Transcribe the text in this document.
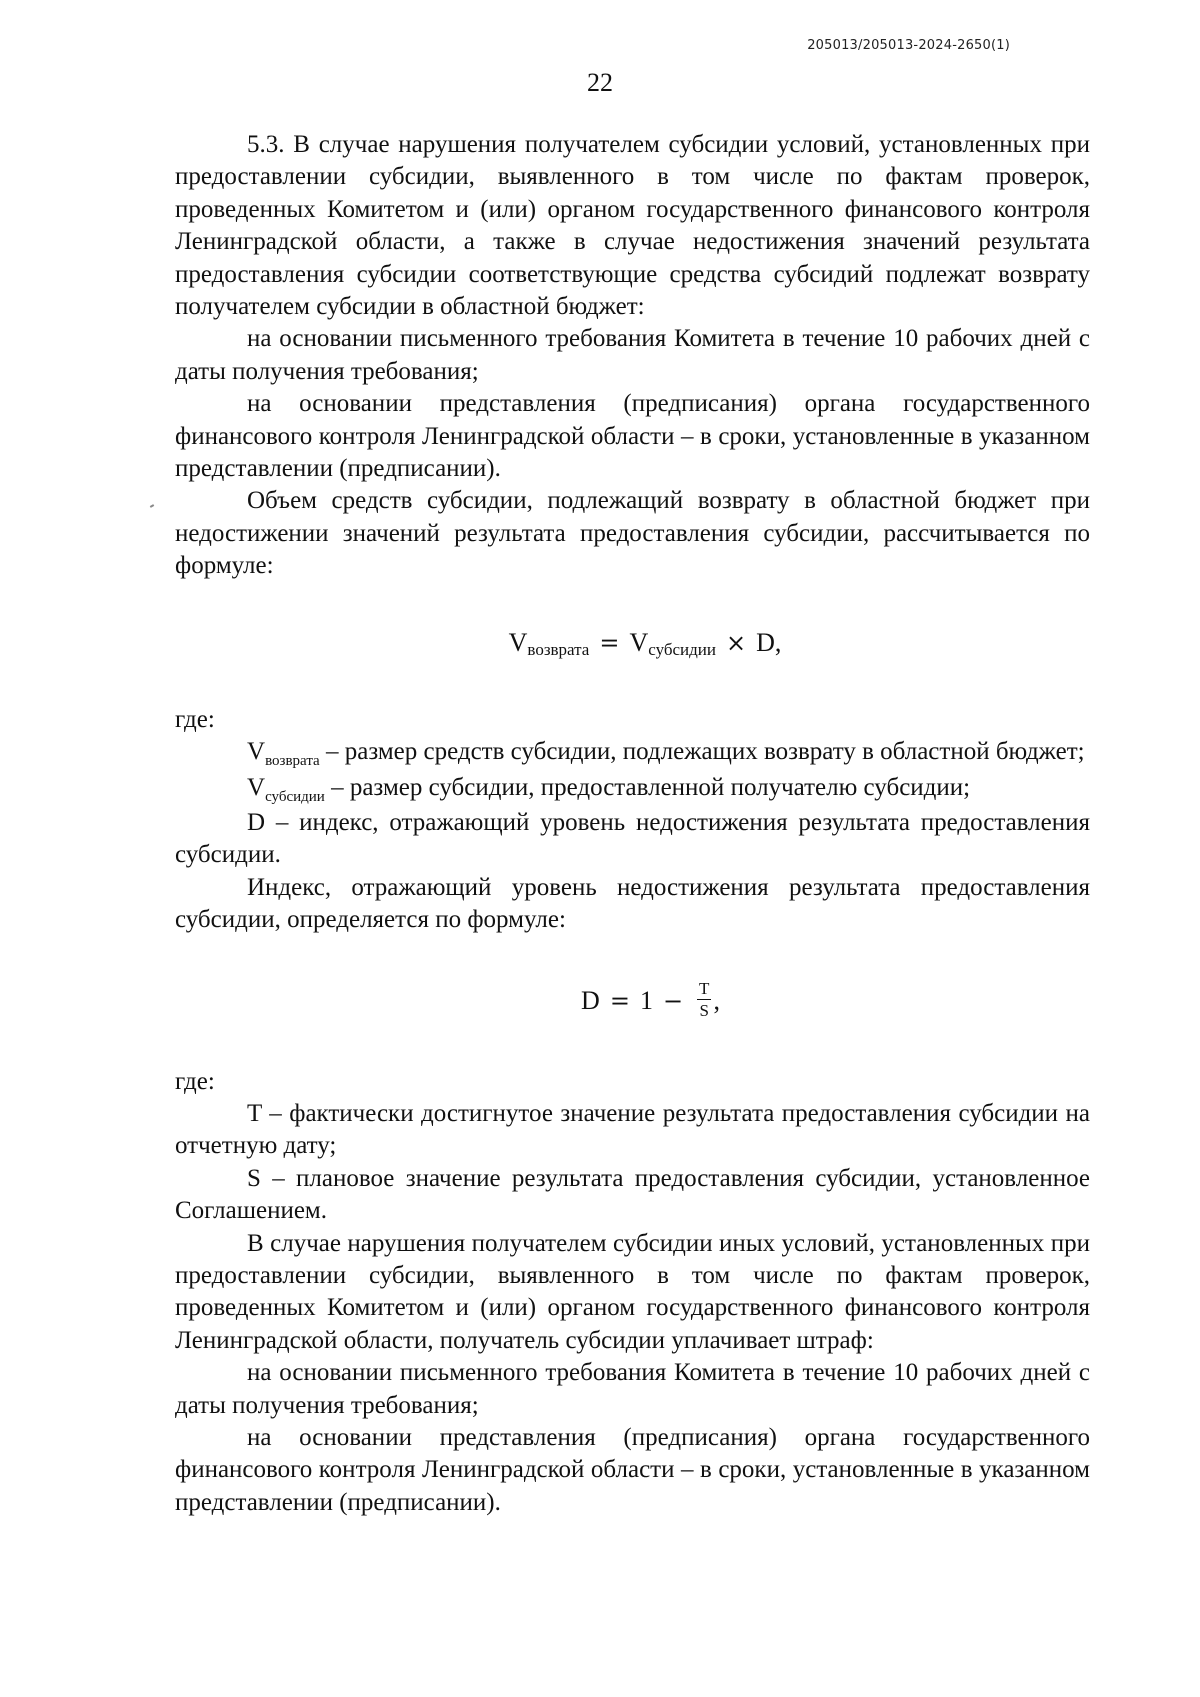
205013/205013-2024-2650(1)
22

5.3. В случае нарушения получателем субсидии условий, установленных при предоставлении субсидии, выявленного в том числе по фактам проверок, проведенных Комитетом и (или) органом государственного финансового контроля Ленинградской области, а также в случае недостижения значений результата предоставления субсидии соответствующие средства субсидий подлежат возврату получателем субсидии в областной бюджет:

на основании письменного требования Комитета в течение 10 рабочих дней с даты получения требования;

на основании представления (предписания) органа государственного финансового контроля Ленинградской области – в сроки, установленные в указанном представлении (предписании).

Объем средств субсидии, подлежащий возврату в областной бюджет при недостижении значений результата предоставления субсидии, рассчитывается по формуле:

V возврата = V субсидии × D,

где:

$V_{возврата}$ – размер средств субсидии, подлежащих возврату в областной бюджет;

$V_{субсидии}$ – размер субсидии, предоставленной получателю субсидии;

D – индекс, отражающий уровень недостижения результата предоставления субсидии.

Индекс, отражающий уровень недостижения результата предоставления субсидии, определяется по формуле:

$D = 1 - \frac{T}{S}$ ,

где:

T – фактически достигнутое значение результата предоставления субсидии на отчетную дату;

S – плановое значение результата предоставления субсидии, установленное Соглашением.

В случае нарушения получателем субсидии иных условий, установленных при предоставлении субсидии, выявленного в том числе по фактам проверок, проведенных Комитетом и (или) органом государственного финансового контроля Ленинградской области, получатель субсидии уплачивает штраф:

на основании письменного требования Комитета в течение 10 рабочих дней с даты получения требования;

на основании представления (предписания) органа государственного финансового контроля Ленинградской области – в сроки, установленные в указанном представлении (предписании).
